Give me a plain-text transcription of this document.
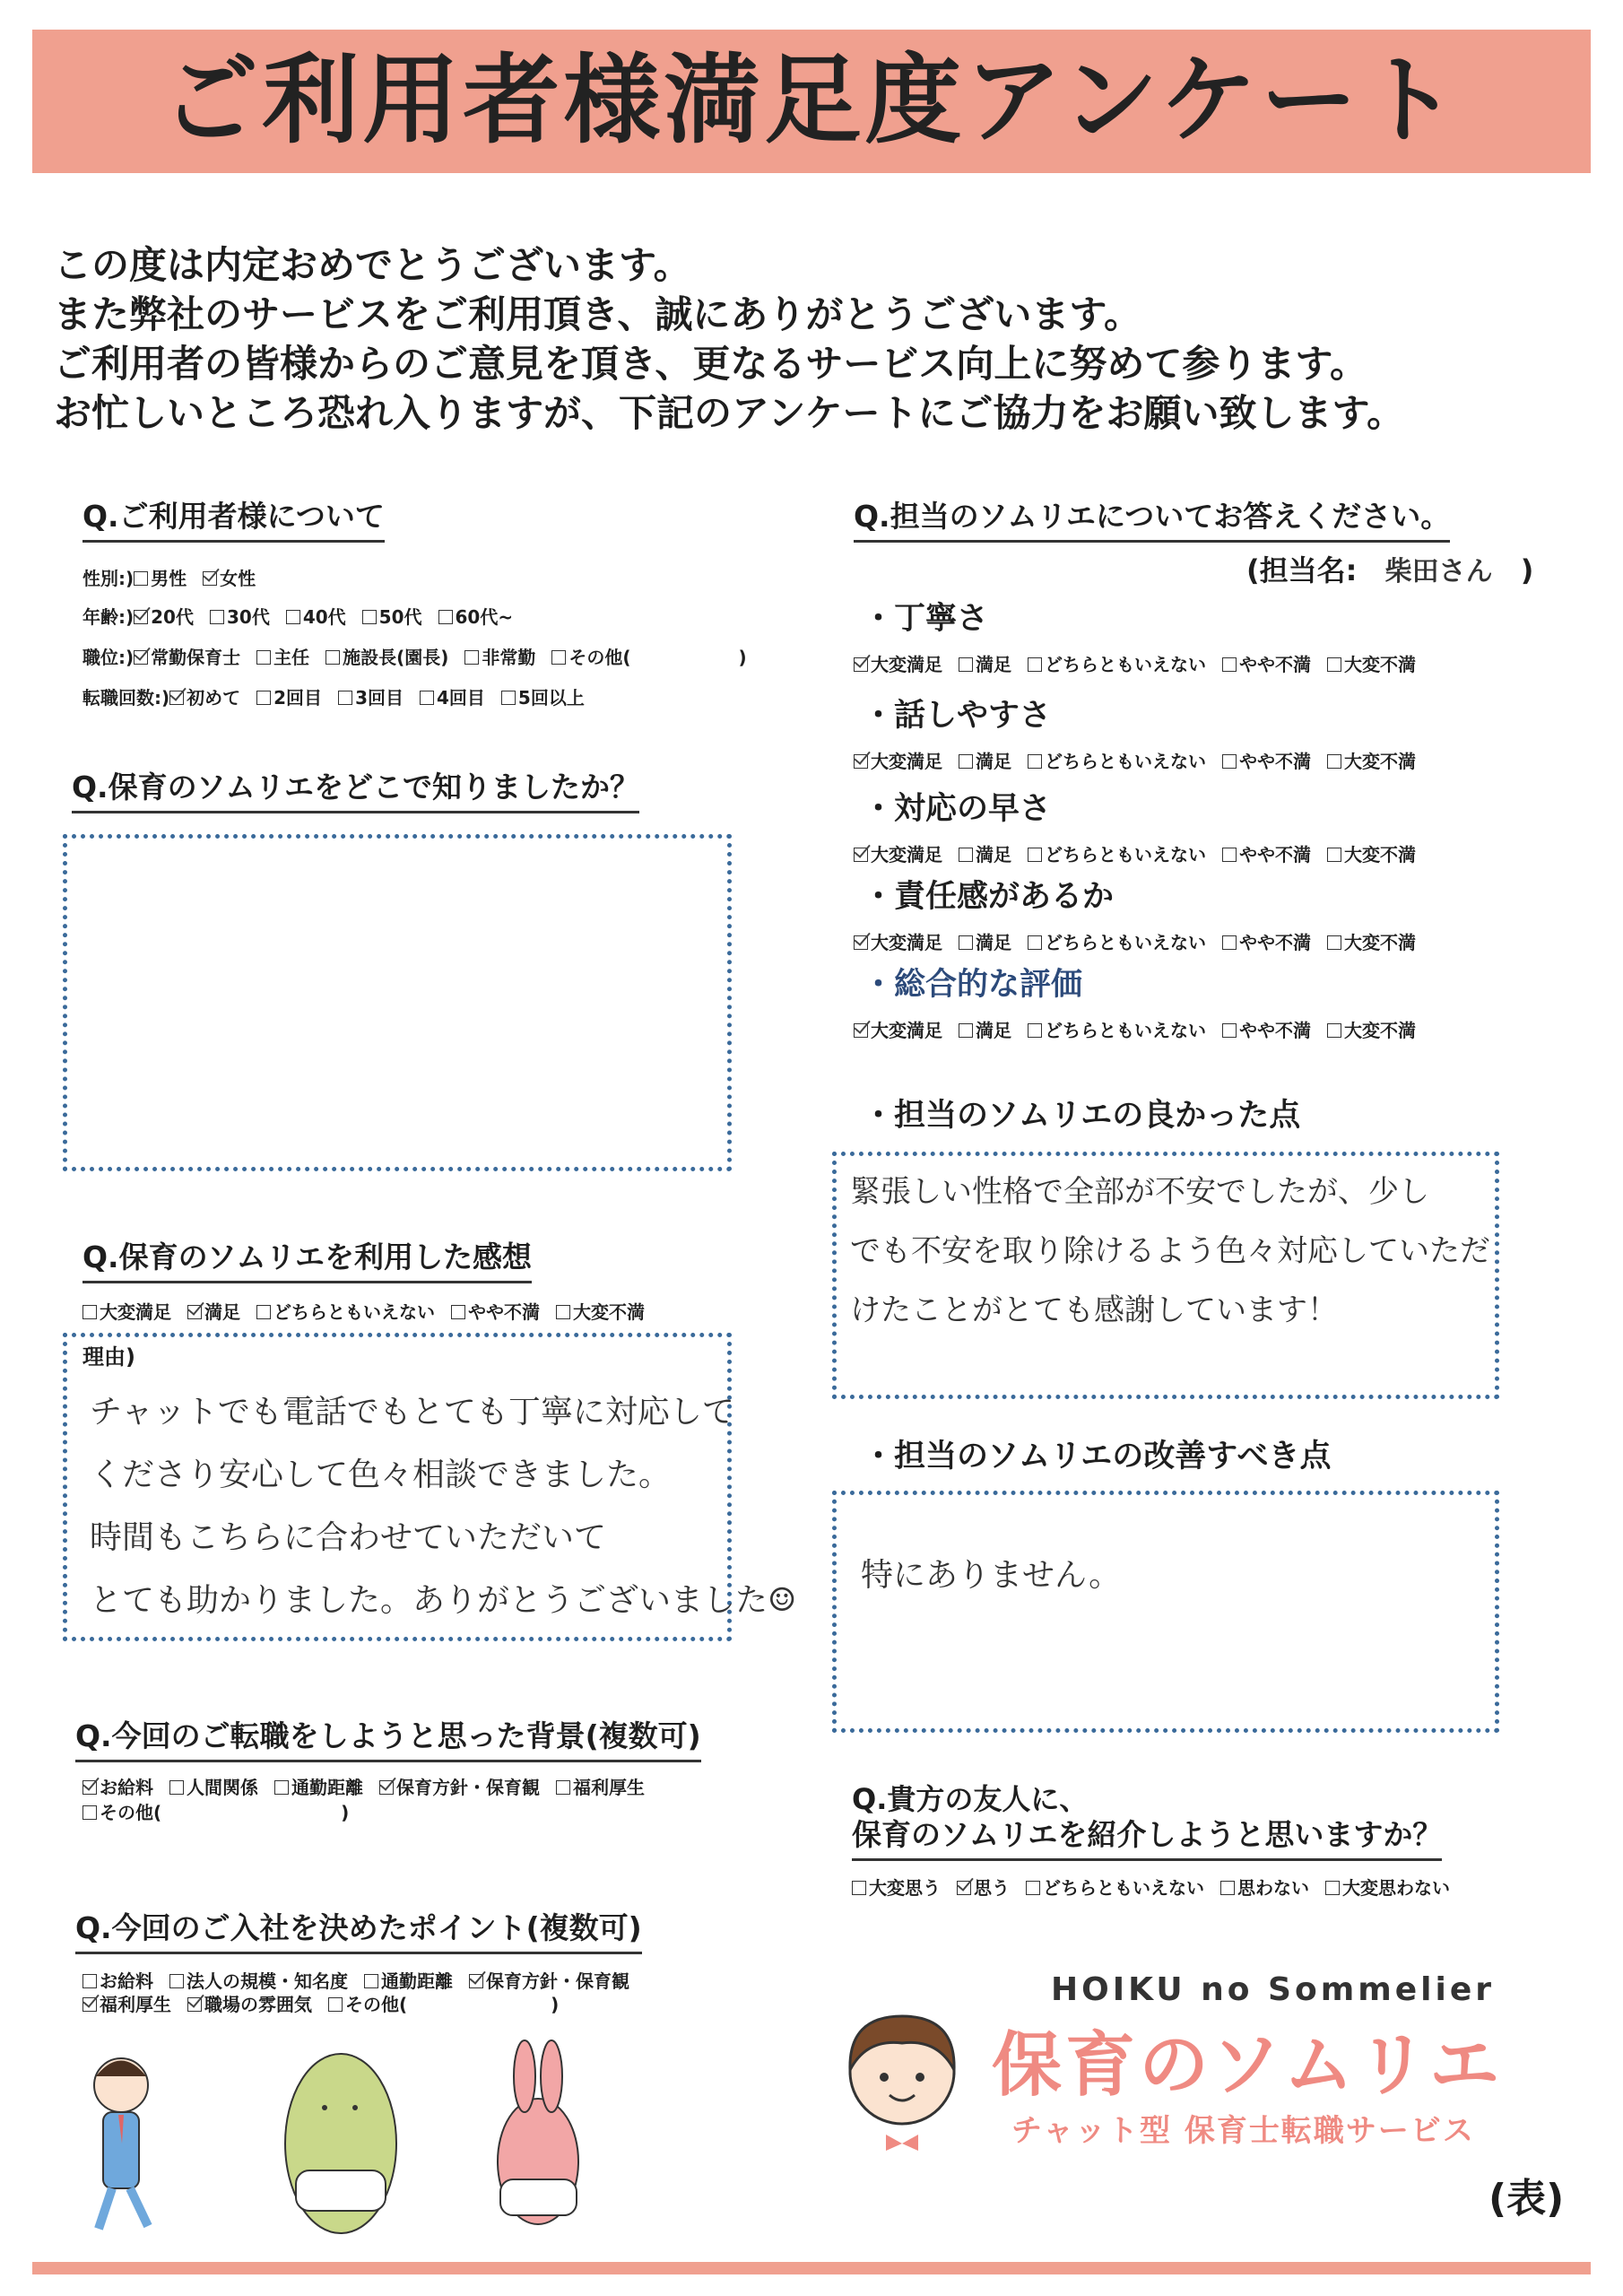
ご利用者様満足度アンケート
この度は内定おめでとうございます。
また弊社のサービスをご利用頂き、誠にありがとうございます。
ご利用者の皆様からのご意見を頂き、更なるサービス向上に努めて参ります。
お忙しいところ恐れ入りますが、下記のアンケートにご協力をお願い致します。
Q.ご利用者様について
性別:) 男性 女性
年齢:) 20代 30代 40代 50代 60代~
職位:) 常勤保育士 主任 施設長(園長) 非常勤 その他(　　　　　　)
転職回数:) 初めて 2回目 3回目 4回目 5回以上
Q.保育のソムリエをどこで知りましたか？
Q.保育のソムリエを利用した感想
大変満足 満足 どちらともいえない やや不満 大変不満
理由)
チャットでも電話でもとても丁寧に対応して
くださり安心して色々相談できました。
時間もこちらに合わせていただいて
とても助かりました。ありがとうございました☺
Q.今回のご転職をしようと思った背景(複数可)
お給料 人間関係 通勤距離 保育方針・保育観 福利厚生
その他(　　　　　　　　　　)
Q.今回のご入社を決めたポイント(複数可)
お給料 法人の規模・知名度 通勤距離 保育方針・保育観
福利厚生 職場の雰囲気 その他(　　　　　　　　)
Q.担当のソムリエについてお答えください。
(担当名: 柴田さん )
・丁寧さ
大変満足 満足 どちらともいえない やや不満 大変不満
・話しやすさ
大変満足 満足 どちらともいえない やや不満 大変不満
・対応の早さ
大変満足 満足 どちらともいえない やや不満 大変不満
・責任感があるか
大変満足 満足 どちらともいえない やや不満 大変不満
・総合的な評価
大変満足 満足 どちらともいえない やや不満 大変不満
・担当のソムリエの良かった点
緊張しい性格で全部が不安でしたが、少し
でも不安を取り除けるよう色々対応していただ
けたことがとても感謝しています！
・担当のソムリエの改善すべき点
特にありません。
Q.貴方の友人に、
保育のソムリエを紹介しようと思いますか？
大変思う 思う どちらともいえない 思わない 大変思わない
HOIKU no Sommelier
保育のソムリエ
チャット型 保育士転職サービス
(表)
